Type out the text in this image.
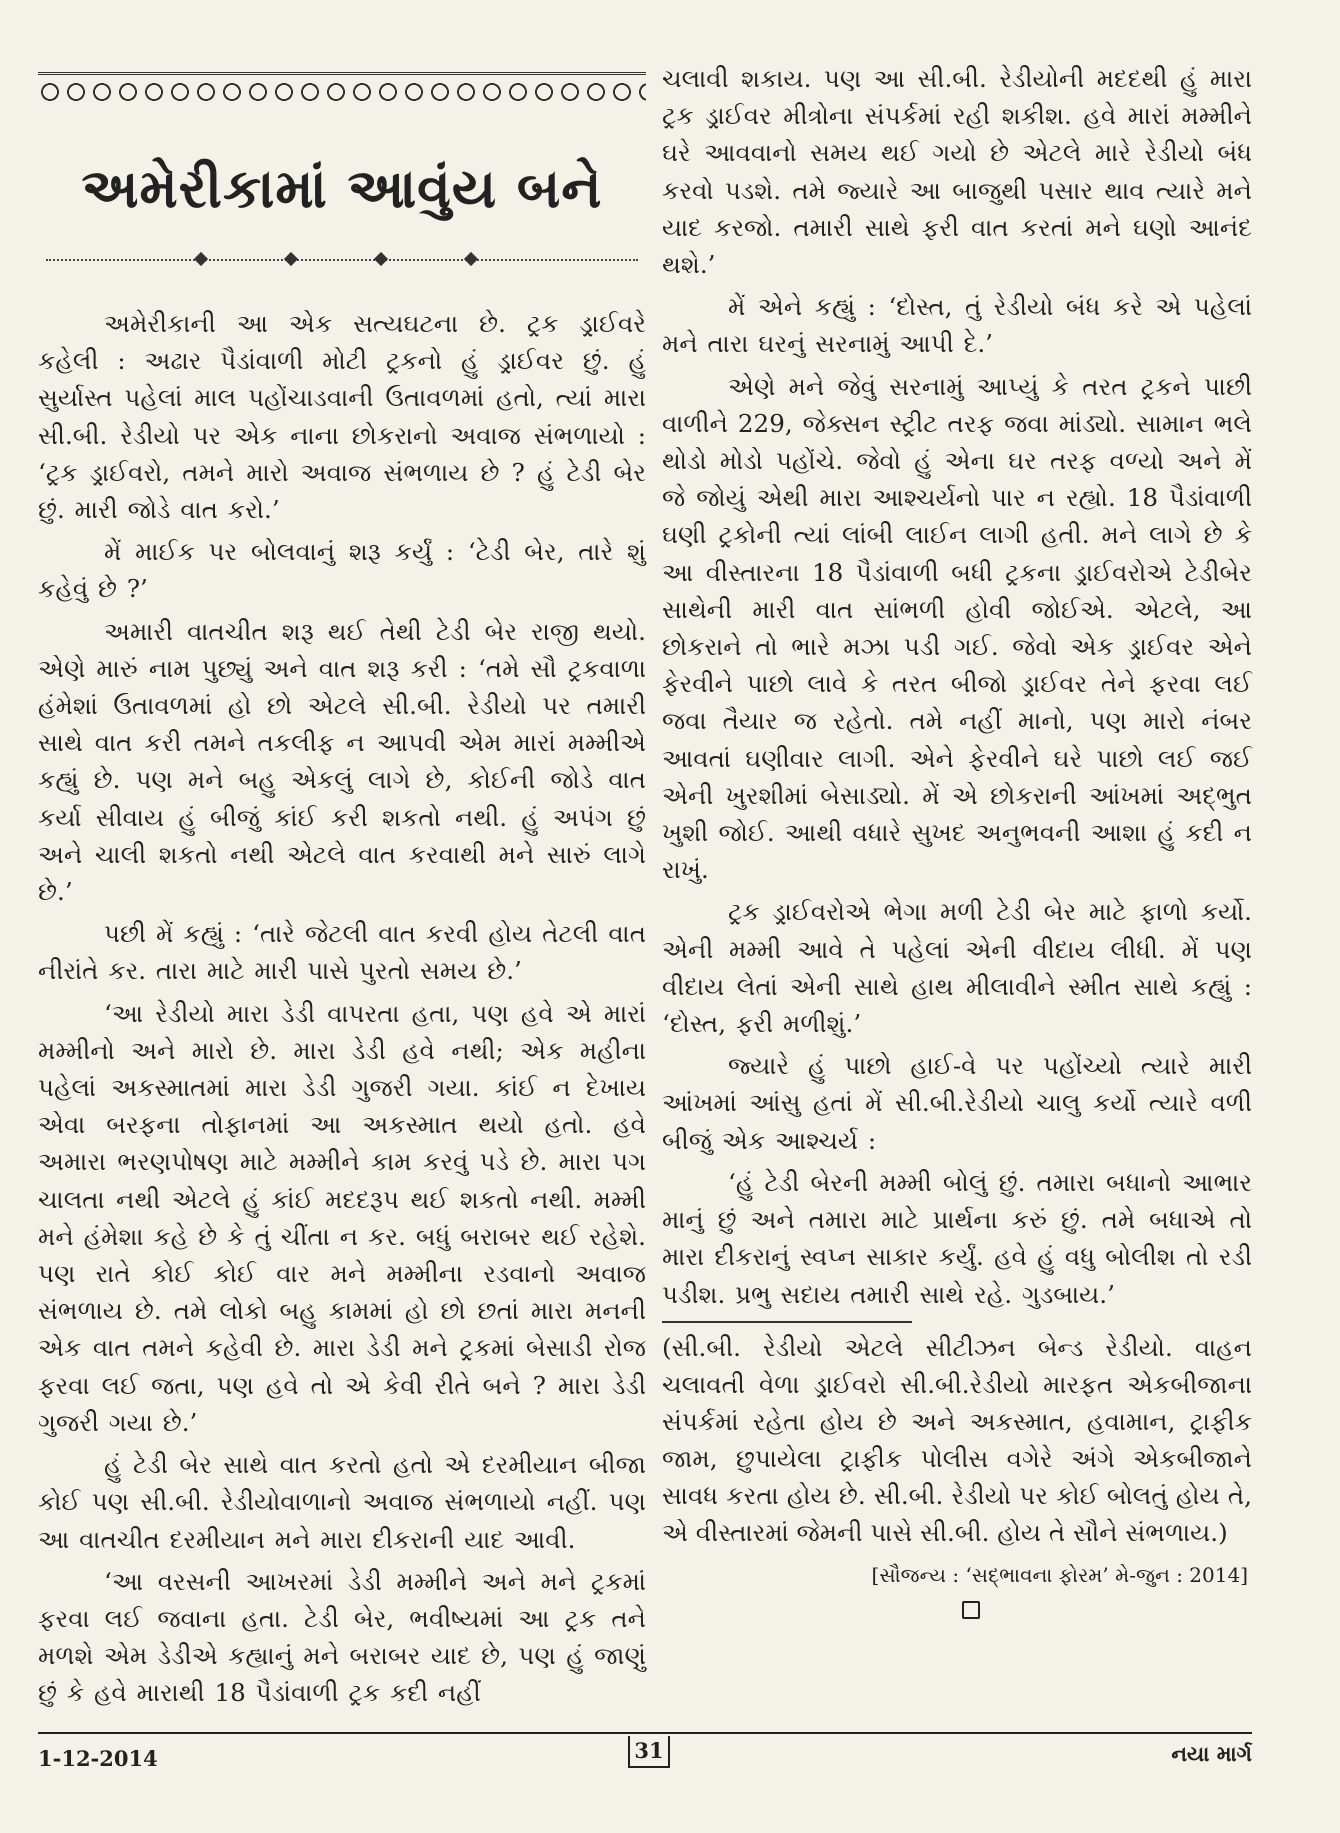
અમેરીકામાં આવુંય બને

અમેરીકાની આ એક સત્યઘટના છે. ટ્રક ડ્રાઈવરે કહેલી : અઢાર પૈડાંવાળી મોટી ટ્રકનો હું ડ્રાઈવર છું. હું સુર્યાસ્ત પહેલાં માલ પહોંચાડવાની ઉતાવળમાં હતો, ત્યાં મારા સી.બી. રેડીયો પર એક નાના છોકરાનો અવાજ સંભળાયો : ‘ટ્રક ડ્રાઈવરો, તમને મારો અવાજ સંભળાય છે ? હું ટેડી બેર છું. મારી જોડે વાત કરો.’

મેં માઈક પર બોલવાનું શરૂ કર્યું : ‘ટેડી બેર, તારે શું કહેવું છે ?’

અમારી વાતચીત શરૂ થઈ તેથી ટેડી બેર રાજી થયો. એણે મારું નામ પુછ્યું અને વાત શરૂ કરી : ‘તમે સૌ ટ્રકવાળા હંમેશાં ઉતાવળમાં હો છો એટલે સી.બી. રેડીયો પર તમારી સાથે વાત કરી તમને તકલીફ ન આપવી એમ મારાં મમ્મીએ કહ્યું છે. પણ મને બહુ એકલું લાગે છે, કોઈની જોડે વાત કર્યા સીવાય હું બીજું કાંઈ કરી શકતો નથી. હું અપંગ છું અને ચાલી શકતો નથી એટલે વાત કરવાથી મને સારું લાગે છે.’

પછી મેં કહ્યું : ‘તારે જેટલી વાત કરવી હોય તેટલી વાત નીરાંતે કર. તારા માટે મારી પાસે પુરતો સમય છે.’

‘આ રેડીયો મારા ડેડી વાપરતા હતા, પણ હવે એ મારાં મમ્મીનો અને મારો છે. મારા ડેડી હવે નથી; એક મહીના પહેલાં અકસ્માતમાં મારા ડેડી ગુજરી ગયા. કાંઈ ન દેખાય એવા બરફના તોફાનમાં આ અકસ્માત થયો હતો. હવે અમારા ભરણપોષણ માટે મમ્મીને કામ કરવું પડે છે. મારા પગ ચાલતા નથી એટલે હું કાંઈ મદદરૂપ થઈ શકતો નથી. મમ્મી મને હંમેશા કહે છે કે તું ચીંતા ન કર. બધું બરાબર થઈ રહેશે. પણ રાતે કોઈ કોઈ વાર મને મમ્મીના રડવાનો અવાજ સંભળાય છે. તમે લોકો બહુ કામમાં હો છો છતાં મારા મનની એક વાત તમને કહેવી છે. મારા ડેડી મને ટ્રકમાં બેસાડી રોજ ફરવા લઈ જતા, પણ હવે તો એ કેવી રીતે બને ? મારા ડેડી ગુજરી ગયા છે.’

હું ટેડી બેર સાથે વાત કરતો હતો એ દરમીયાન બીજા કોઈ પણ સી.બી. રેડીયોવાળાનો અવાજ સંભળાયો નહીં. પણ આ વાતચીત દરમીયાન મને મારા દીકરાની યાદ આવી.

‘આ વરસની આખરમાં ડેડી મમ્મીને અને મને ટ્રકમાં ફરવા લઈ જવાના હતા. ટેડી બેર, ભવીષ્યમાં આ ટ્રક તને મળશે એમ ડેડીએ કહ્યાનું મને બરાબર યાદ છે, પણ હું જાણું છું કે હવે મારાથી 18 પૈડાંવાળી ટ્રક કદી નહીં

ચલાવી શકાય. પણ આ સી.બી. રેડીયોની મદદથી હું મારા ટ્રક ડ્રાઈવર મીત્રોના સંપર્કમાં રહી શકીશ. હવે મારાં મમ્મીને ઘરે આવવાનો સમય થઈ ગયો છે એટલે મારે રેડીયો બંધ કરવો પડશે. તમે જ્યારે આ બાજુથી પસાર થાવ ત્યારે મને યાદ કરજો. તમારી સાથે ફરી વાત કરતાં મને ઘણો આનંદ થશે.’

મેં એને કહ્યું : ‘દોસ્ત, તું રેડીયો બંધ કરે એ પહેલાં મને તારા ઘરનું સરનામું આપી દે.’

એણે મને જેવું સરનામું આપ્યું કે તરત ટ્રકને પાછી વાળીને 229, જેક્સન સ્ટ્રીટ તરફ જવા માંડ્યો. સામાન ભલે થોડો મોડો પહોંચે. જેવો હું એના ઘર તરફ વળ્યો અને મેં જે જોયું એથી મારા આશ્ચર્યનો પાર ન રહ્યો. 18 પૈડાંવાળી ઘણી ટ્રકોની ત્યાં લાંબી લાઈન લાગી હતી. મને લાગે છે કે આ વીસ્તારના 18 પૈડાંવાળી બધી ટ્રકના ડ્રાઈવરોએ ટેડીબેર સાથેની મારી વાત સાંભળી હોવી જોઈએ. એટલે, આ છોકરાને તો ભારે મઝા પડી ગઈ. જેવો એક ડ્રાઈવર એને ફેરવીને પાછો લાવે કે તરત બીજો ડ્રાઈવર તેને ફરવા લઈ જવા તૈયાર જ રહેતો. તમે નહીં માનો, પણ મારો નંબર આવતાં ઘણીવાર લાગી. એને ફેરવીને ઘરે પાછો લઈ જઈ એની ખુરશીમાં બેસાડ્યો. મેં એ છોકરાની આંખમાં અદ્ભુત ખુશી જોઈ. આથી વધારે સુખદ અનુભવની આશા હું કદી ન રાખું.

ટ્રક ડ્રાઈવરોએ ભેગા મળી ટેડી બેર માટે ફાળો કર્યો. એની મમ્મી આવે તે પહેલાં એની વીદાય લીધી. મેં પણ વીદાય લેતાં એની સાથે હાથ મીલાવીને સ્મીત સાથે કહ્યું : ‘દોસ્ત, ફરી મળીશું.’

જ્યારે હું પાછો હાઈ-વે પર પહોંચ્યો ત્યારે મારી આંખમાં આંસુ હતાં મેં સી.બી.રેડીયો ચાલુ કર્યો ત્યારે વળી બીજું એક આશ્ચર્ય :

‘હું ટેડી બેરની મમ્મી બોલું છું. તમારા બધાનો આભાર માનું છું અને તમારા માટે પ્રાર્થના કરું છું. તમે બધાએ તો મારા દીકરાનું સ્વપ્ન સાકાર કર્યું. હવે હું વધુ બોલીશ તો રડી પડીશ. પ્રભુ સદાય તમારી સાથે રહે. ગુડબાય.’

(સી.બી. રેડીયો એટલે સીટીઝન બેન્ડ રેડીયો. વાહન ચલાવતી વેળા ડ્રાઈવરો સી.બી.રેડીયો મારફત એકબીજાના સંપર્કમાં રહેતા હોય છે અને અકસ્માત, હવામાન, ટ્રાફીક જામ, છુપાયેલા ટ્રાફીક પોલીસ વગેરે અંગે એકબીજાને સાવધ કરતા હોય છે. સી.બી. રેડીયો પર કોઈ બોલતું હોય તે, એ વીસ્તારમાં જેમની પાસે સી.બી. હોય તે સૌને સંભળાય.)

[સૌજન્ય : ‘સદ્ભાવના ફોરમ’ મે-જુન : 2014]

1-12-2014	31	નયા માર્ગ
